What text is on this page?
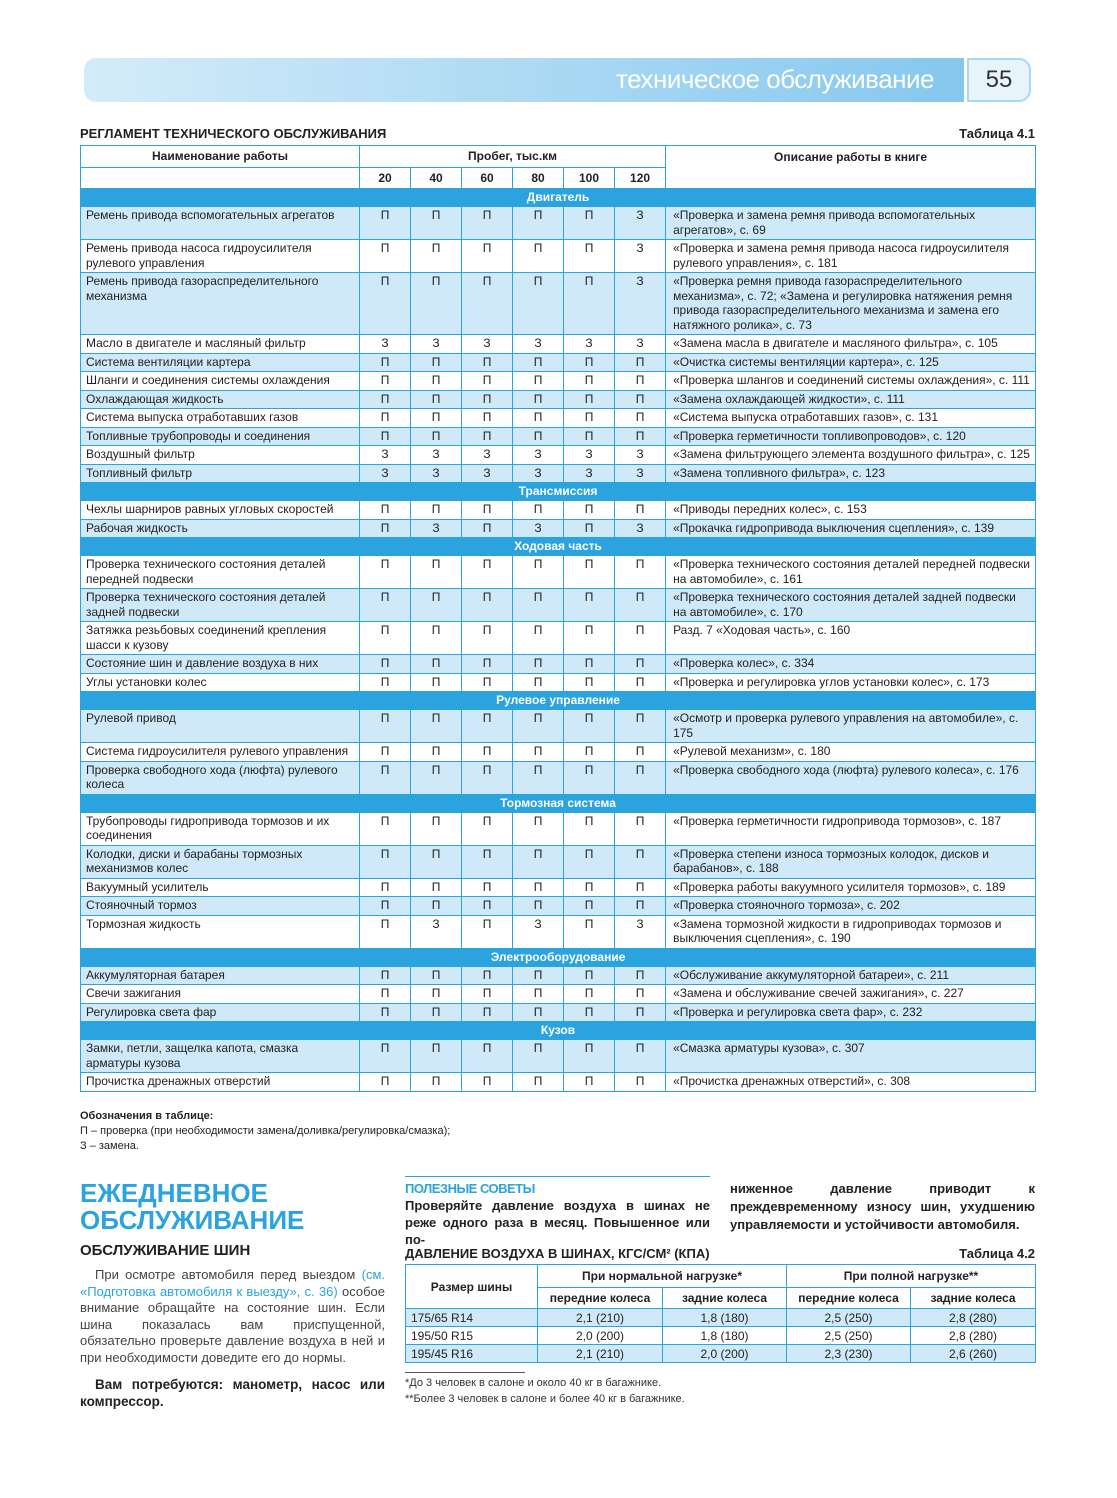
техническое обслуживание	55
РЕГЛАМЕНТ ТЕХНИЧЕСКОГО ОБСЛУЖИВАНИЯ	Таблица 4.1
Наименование работы	Пробег, тыс.км						Описание работы в книге
	20	40	60	80	100	120	
Двигатель							
Ремень привода вспомогательных агрегатов	П	П	П	П	П	З	«Проверка и замена ремня привода вспомогательных агрегатов», с. 69
Ремень привода насоса гидроусилителя рулевого управления	П	П	П	П	П	З	«Проверка и замена ремня привода насоса гидроусилителя рулевого управления», с. 181
Ремень привода газораспределительного механизма	П	П	П	П	П	З	«Проверка ремня привода газораспределительного механизма», с. 72; «Замена и регулировка натяжения ремня привода газораспределительного механизма и замена его натяжного ролика», с. 73
Масло в двигателе и масляный фильтр	З	З	З	З	З	З	«Замена масла в двигателе и масляного фильтра», с. 105
Система вентиляции картера	П	П	П	П	П	П	«Очистка системы вентиляции картера», с. 125
Шланги и соединения системы охлаждения	П	П	П	П	П	П	«Проверка шлангов и соединений системы охлаждения», с. 111
Охлаждающая жидкость	П	П	П	П	П	П	«Замена охлаждающей жидкости», с. 111
Система выпуска отработавших газов	П	П	П	П	П	П	«Система выпуска отработавших газов», с. 131
Топливные трубопроводы и соединения	П	П	П	П	П	П	«Проверка герметичности топливопроводов», с. 120
Воздушный фильтр	З	З	З	З	З	З	«Замена фильтрующего элемента воздушного фильтра», с. 125
Топливный фильтр	З	З	З	З	З	З	«Замена топливного фильтра», с. 123
Трансмиссия							
Чехлы шарниров равных угловых скоростей	П	П	П	П	П	П	«Приводы передних колес», с. 153
Рабочая жидкость	П	З	П	З	П	З	«Прокачка гидропривода выключения сцепления», с. 139
Ходовая часть							
Проверка технического состояния деталей передней подвески	П	П	П	П	П	П	«Проверка технического состояния деталей передней подвески на автомобиле», с. 161
Проверка технического состояния деталей задней подвески	П	П	П	П	П	П	«Проверка технического состояния деталей задней подвески на автомобиле», с. 170
Затяжка резьбовых соединений крепления шасси к кузову	П	П	П	П	П	П	Разд. 7 «Ходовая часть», с. 160
Состояние шин и давление воздуха в них	П	П	П	П	П	П	«Проверка колес», с. 334
Углы установки колес	П	П	П	П	П	П	«Проверка и регулировка углов установки колес», с. 173
Рулевое управление							
Рулевой привод	П	П	П	П	П	П	«Осмотр и проверка рулевого управления на автомобиле», с. 175
Система гидроусилителя рулевого управления	П	П	П	П	П	П	«Рулевой механизм», с. 180
Проверка свободного хода (люфта) рулевого колеса	П	П	П	П	П	П	«Проверка свободного хода (люфта) рулевого колеса», с. 176
Тормозная система							
Трубопроводы гидропривода тормозов и их соединения	П	П	П	П	П	П	«Проверка герметичности гидропривода тормозов», с. 187
Колодки, диски и барабаны тормозных механизмов колес	П	П	П	П	П	П	«Проверка степени износа тормозных колодок, дисков и барабанов», с. 188
Вакуумный усилитель	П	П	П	П	П	П	«Проверка работы вакуумного усилителя тормозов», с. 189
Стояночный тормоз	П	П	П	П	П	П	«Проверка стояночного тормоза», с. 202
Тормозная жидкость	П	З	П	З	П	З	«Замена тормозной жидкости в гидроприводах тормозов и выключения сцепления», с. 190
Электрооборудование							
Аккумуляторная батарея	П	П	П	П	П	П	«Обслуживание аккумуляторной батареи», с. 211
Свечи зажигания	П	П	П	П	П	П	«Замена и обслуживание свечей зажигания», с. 227
Регулировка света фар	П	П	П	П	П	П	«Проверка и регулировка света фар», с. 232
Кузов							
Замки, петли, защелка капота, смазка арматуры кузова	П	П	П	П	П	П	«Смазка арматуры кузова», с. 307
Прочистка дренажных отверстий	П	П	П	П	П	П	«Прочистка дренажных отверстий», с. 308
Обозначения в таблице:
П – проверка (при необходимости замена/доливка/регулировка/смазка);
З – замена.
ЕЖЕДНЕВНОЕ
ОБСЛУЖИВАНИЕ
ОБСЛУЖИВАНИЕ ШИН
При осмотре автомобиля перед выездом (см. «Подготовка автомобиля к выезду», с. 36) особое внимание обращайте на состояние шин. Если шина показалась вам приспущенной, обязательно проверьте давление воздуха в ней и при необходимости доведите его до нормы.
Вам потребуются: манометр, насос или компрессор.
ПОЛЕЗНЫЕ СОВЕТЫ
Проверяйте давление воздуха в шинах не реже одного раза в месяц. Повышенное или по-
ниженное давление приводит к преждевременному износу шин, ухудшению управляемости и устойчивости автомобиля.
ДАВЛЕНИЕ ВОЗДУХА В ШИНАХ, КГС/СМ² (КПА)	Таблица 4.2
Размер шины	При нормальной нагрузке*		При полной нагрузке**	
	передние колеса	задние колеса	передние колеса	задние колеса
175/65 R14	2,1 (210)	1,8 (180)	2,5 (250)	2,8 (280)
195/50 R15	2,0 (200)	1,8 (180)	2,5 (250)	2,8 (280)
195/45 R16	2,1 (210)	2,0 (200)	2,3 (230)	2,6 (260)
*До 3 человек в салоне и около 40 кг в багажнике.
**Более 3 человек в салоне и более 40 кг в багажнике.
